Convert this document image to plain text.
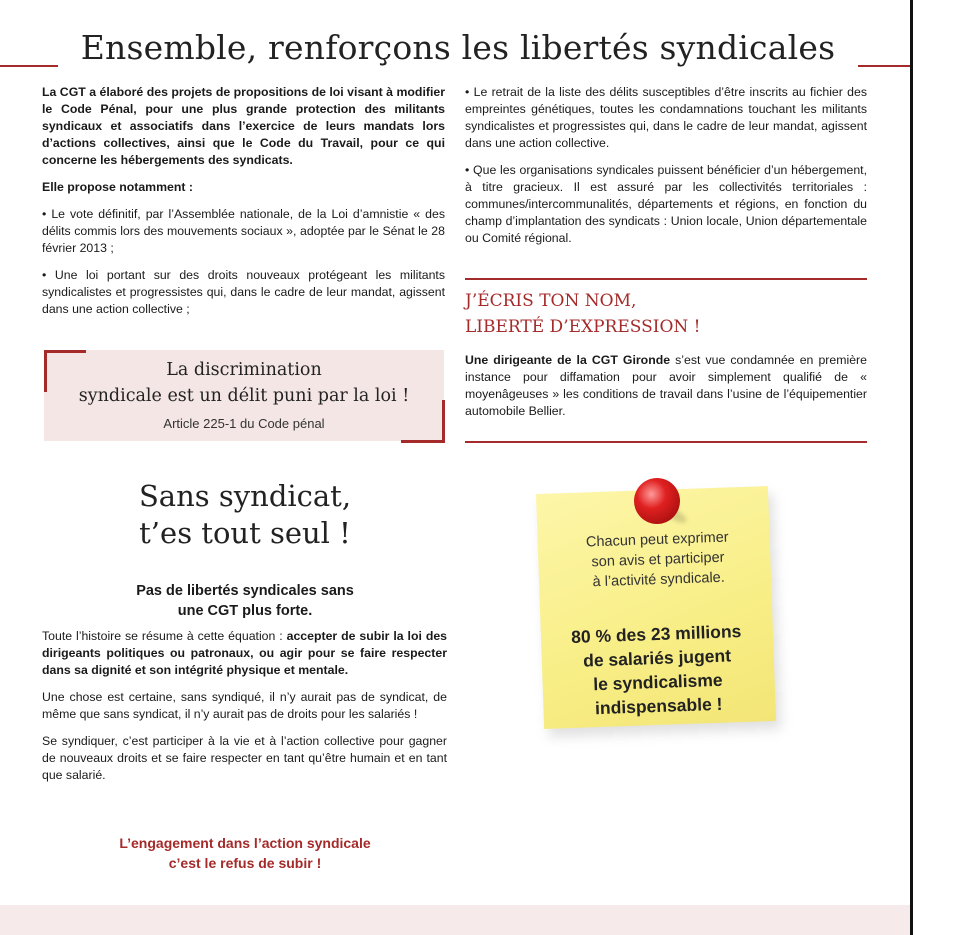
Ensemble, renforçons les libertés syndicales

La CGT a élaboré des projets de propositions de loi visant à modifier le Code Pénal, pour une plus grande protection des militants syndicaux et associatifs dans l’exercice de leurs mandats lors d’actions collectives, ainsi que le Code du Travail, pour ce qui concerne les hébergements des syndicats.

Elle propose notamment :

• Le vote définitif, par l’Assemblée nationale, de la Loi d’amnistie « des délits commis lors des mouvements sociaux », adoptée par le Sénat le 28 février 2013 ;

• Une loi portant sur des droits nouveaux protégeant les militants syndicalistes et progressistes qui, dans le cadre de leur mandat, agissent dans une action collective ;

• Le retrait de la liste des délits susceptibles d’être inscrits au fichier des empreintes génétiques, toutes les condamnations touchant les militants syndicalistes et progressistes qui, dans le cadre de leur mandat, agissent dans une action collective.

• Que les organisations syndicales puissent bénéficier d’un hébergement, à titre gracieux. Il est assuré par les collectivités territoriales : communes/intercommunalités, départements et régions, en fonction du champ d’implantation des syndicats : Union locale, Union départementale ou Comité régional.

La discrimination
syndicale est un délit puni par la loi !
Article 225-1 du Code pénal
J’ÉCRIS TON NOM,
LIBERTÉ D’EXPRESSION !
Une dirigeante de la CGT Gironde s’est vue condamnée en première instance pour diffamation pour avoir simplement qualifié de « moyenâgeuses » les conditions de travail dans l’usine de l’équipementier automobile Bellier.
Sans syndicat,
t’es tout seul !
Pas de libertés syndicales sans
une CGT plus forte.

Toute l’histoire se résume à cette équation : accepter de subir la loi des dirigeants politiques ou patronaux, ou agir pour se faire respecter dans sa dignité et son intégrité physique et mentale.

Une chose est certaine, sans syndiqué, il n’y aurait pas de syndicat, de même que sans syndicat, il n’y aurait pas de droits pour les salariés !

Se syndiquer, c’est participer à la vie et à l’action collective pour gagner de nouveaux droits et se faire respecter en tant qu’être humain et en tant que salarié.

L’engagement dans l’action syndicale
c’est le refus de subir !
Chacun peut exprimer
son avis et participer
à l’activité syndicale.
80 % des 23 millions
de salariés jugent
le syndicalisme
indispensable !
